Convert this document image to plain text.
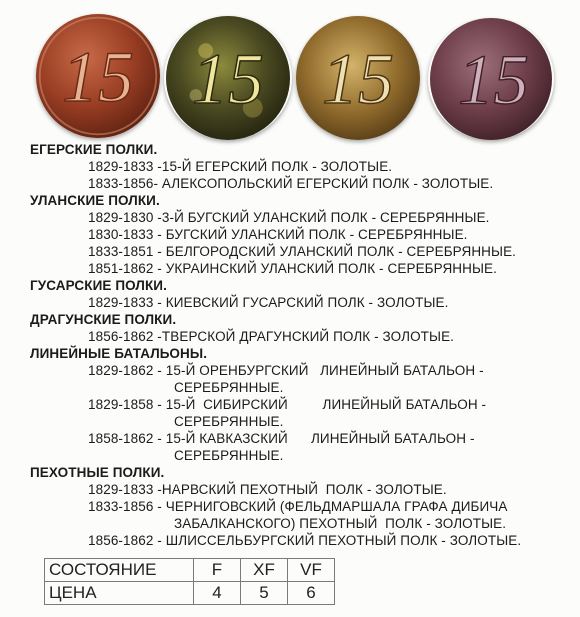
15 15 15 15
ЕГЕРСКИЕ ПОЛКИ.
1829-1833 -15-Й ЕГЕРСКИЙ ПОЛК - ЗОЛОТЫЕ.
1833-1856- АЛЕКСОПОЛЬСКИЙ ЕГЕРСКИЙ ПОЛК - ЗОЛОТЫЕ.
УЛАНСКИЕ ПОЛКИ.
1829-1830 -3-Й БУГСКИЙ УЛАНСКИЙ ПОЛК - СЕРЕБРЯННЫЕ.
1830-1833 - БУГСКИЙ УЛАНСКИЙ ПОЛК - СЕРЕБРЯННЫЕ.
1833-1851 - БЕЛГОРОДСКИЙ УЛАНСКИЙ ПОЛК - СЕРЕБРЯННЫЕ.
1851-1862 - УКРАИНСКИЙ УЛАНСКИЙ ПОЛК - СЕРЕБРЯННЫЕ.
ГУСАРСКИЕ ПОЛКИ.
1829-1833 - КИЕВСКИЙ ГУСАРСКИЙ ПОЛК - ЗОЛОТЫЕ.
ДРАГУНСКИЕ ПОЛКИ.
1856-1862 -ТВЕРСКОЙ ДРАГУНСКИЙ ПОЛК - ЗОЛОТЫЕ.
ЛИНЕЙНЫЕ БАТАЛЬОНЫ.
1829-1862 - 15-Й ОРЕНБУРГСКИЙ   ЛИНЕЙНЫЙ БАТАЛЬОН -
СЕРЕБРЯННЫЕ.
1829-1858 - 15-Й  СИБИРСКИЙ         ЛИНЕЙНЫЙ БАТАЛЬОН -
СЕРЕБРЯННЫЕ.
1858-1862 - 15-Й КАВКАЗСКИЙ      ЛИНЕЙНЫЙ БАТАЛЬОН -
СЕРЕБРЯННЫЕ.
ПЕХОТНЫЕ ПОЛКИ.
1829-1833 -НАРВСКИЙ ПЕХОТНЫЙ  ПОЛК - ЗОЛОТЫЕ.
1833-1856 - ЧЕРНИГОВСКИЙ (ФЕЛЬДМАРШАЛА ГРАФА ДИБИЧА
ЗАБАЛКАНСКОГО) ПЕХОТНЫЙ  ПОЛК - ЗОЛОТЫЕ.
1856-1862 - ШЛИССЕЛЬБУРГСКИЙ ПЕХОТНЫЙ ПОЛК - ЗОЛОТЫЕ.
СОСТОЯНИЕ	F	XF	VF
ЦЕНА	4	5	6
